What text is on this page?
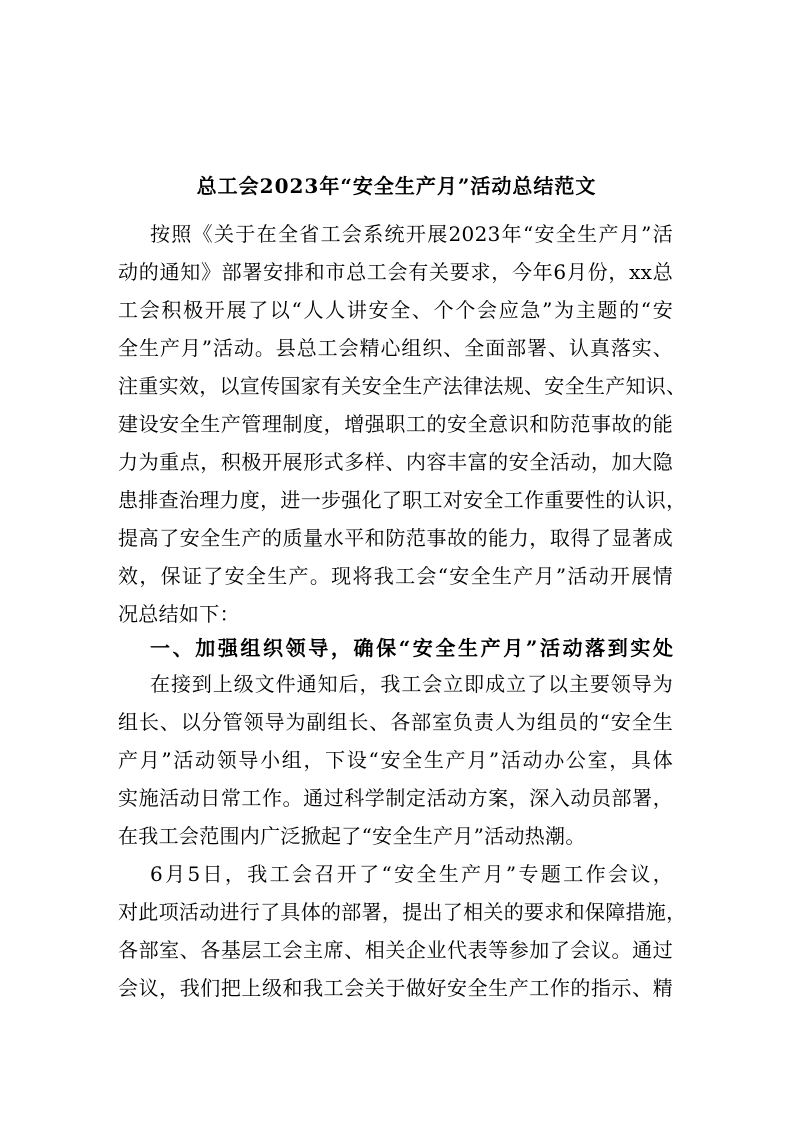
总工会2023年“安全生产月”活动总结范文
按照《关于在全省工会系统开展2023年“安全生产月”活
动的通知》部署安排和市总工会有关要求，今年6月份，xx总
工会积极开展了以“人人讲安全、个个会应急”为主题的“安
全生产月”活动。县总工会精心组织、全面部署、认真落实、
注重实效，以宣传国家有关安全生产法律法规、安全生产知识、
建设安全生产管理制度，增强职工的安全意识和防范事故的能
力为重点，积极开展形式多样、内容丰富的安全活动，加大隐
患排查治理力度，进一步强化了职工对安全工作重要性的认识，
提高了安全生产的质量水平和防范事故的能力，取得了显著成
效，保证了安全生产。现将我工会“安全生产月”活动开展情
况总结如下：
一、加强组织领导，确保“安全生产月”活动落到实处
在接到上级文件通知后，我工会立即成立了以主要领导为
组长、以分管领导为副组长、各部室负责人为组员的“安全生
产月”活动领导小组，下设“安全生产月”活动办公室，具体
实施活动日常工作。通过科学制定活动方案，深入动员部署，
在我工会范围内广泛掀起了“安全生产月”活动热潮。
6月5日，我工会召开了“安全生产月”专题工作会议，
对此项活动进行了具体的部署，提出了相关的要求和保障措施，
各部室、各基层工会主席、相关企业代表等参加了会议。通过
会议，我们把上级和我工会关于做好安全生产工作的指示、精
